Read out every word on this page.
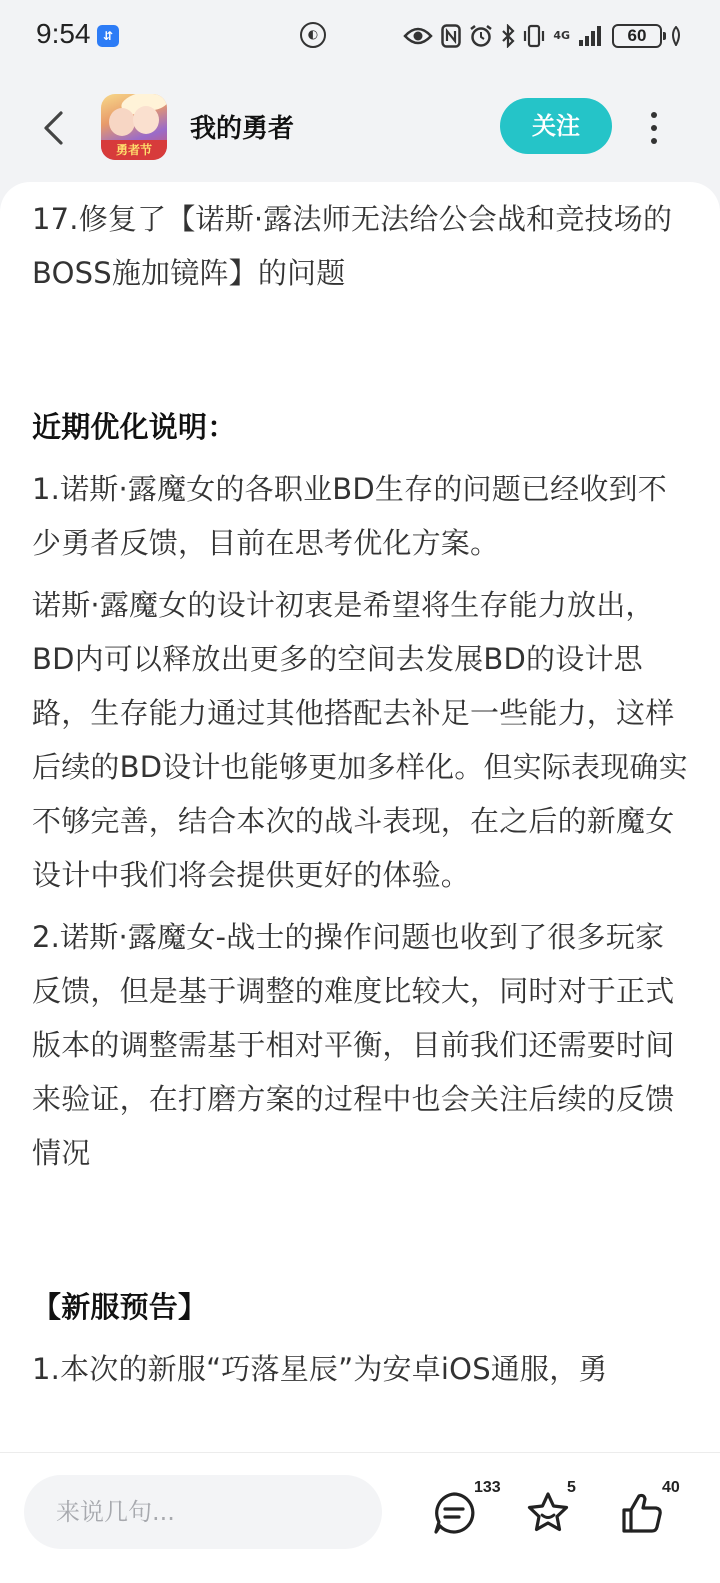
9:54	⇵	◐	4G	60
勇者节
我的勇者	关注

17.修复了【诺斯·露法师无法给公会战和竞技场的BOSS施加镜阵】的问题

近期优化说明：

1.诺斯·露魔女的各职业BD生存的问题已经收到不少勇者反馈，目前在思考优化方案。

诺斯·露魔女的设计初衷是希望将生存能力放出，BD内可以释放出更多的空间去发展BD的设计思路，生存能力通过其他搭配去补足一些能力，这样后续的BD设计也能够更加多样化。但实际表现确实不够完善，结合本次的战斗表现，在之后的新魔女设计中我们将会提供更好的体验。

2.诺斯·露魔女-战士的操作问题也收到了很多玩家反馈，但是基于调整的难度比较大，同时对于正式版本的调整需基于相对平衡，目前我们还需要时间来验证，在打磨方案的过程中也会关注后续的反馈情况

【新服预告】

1.本次的新服“巧落星辰”为安卓iOS通服，勇

来说几句...
133	5	40
